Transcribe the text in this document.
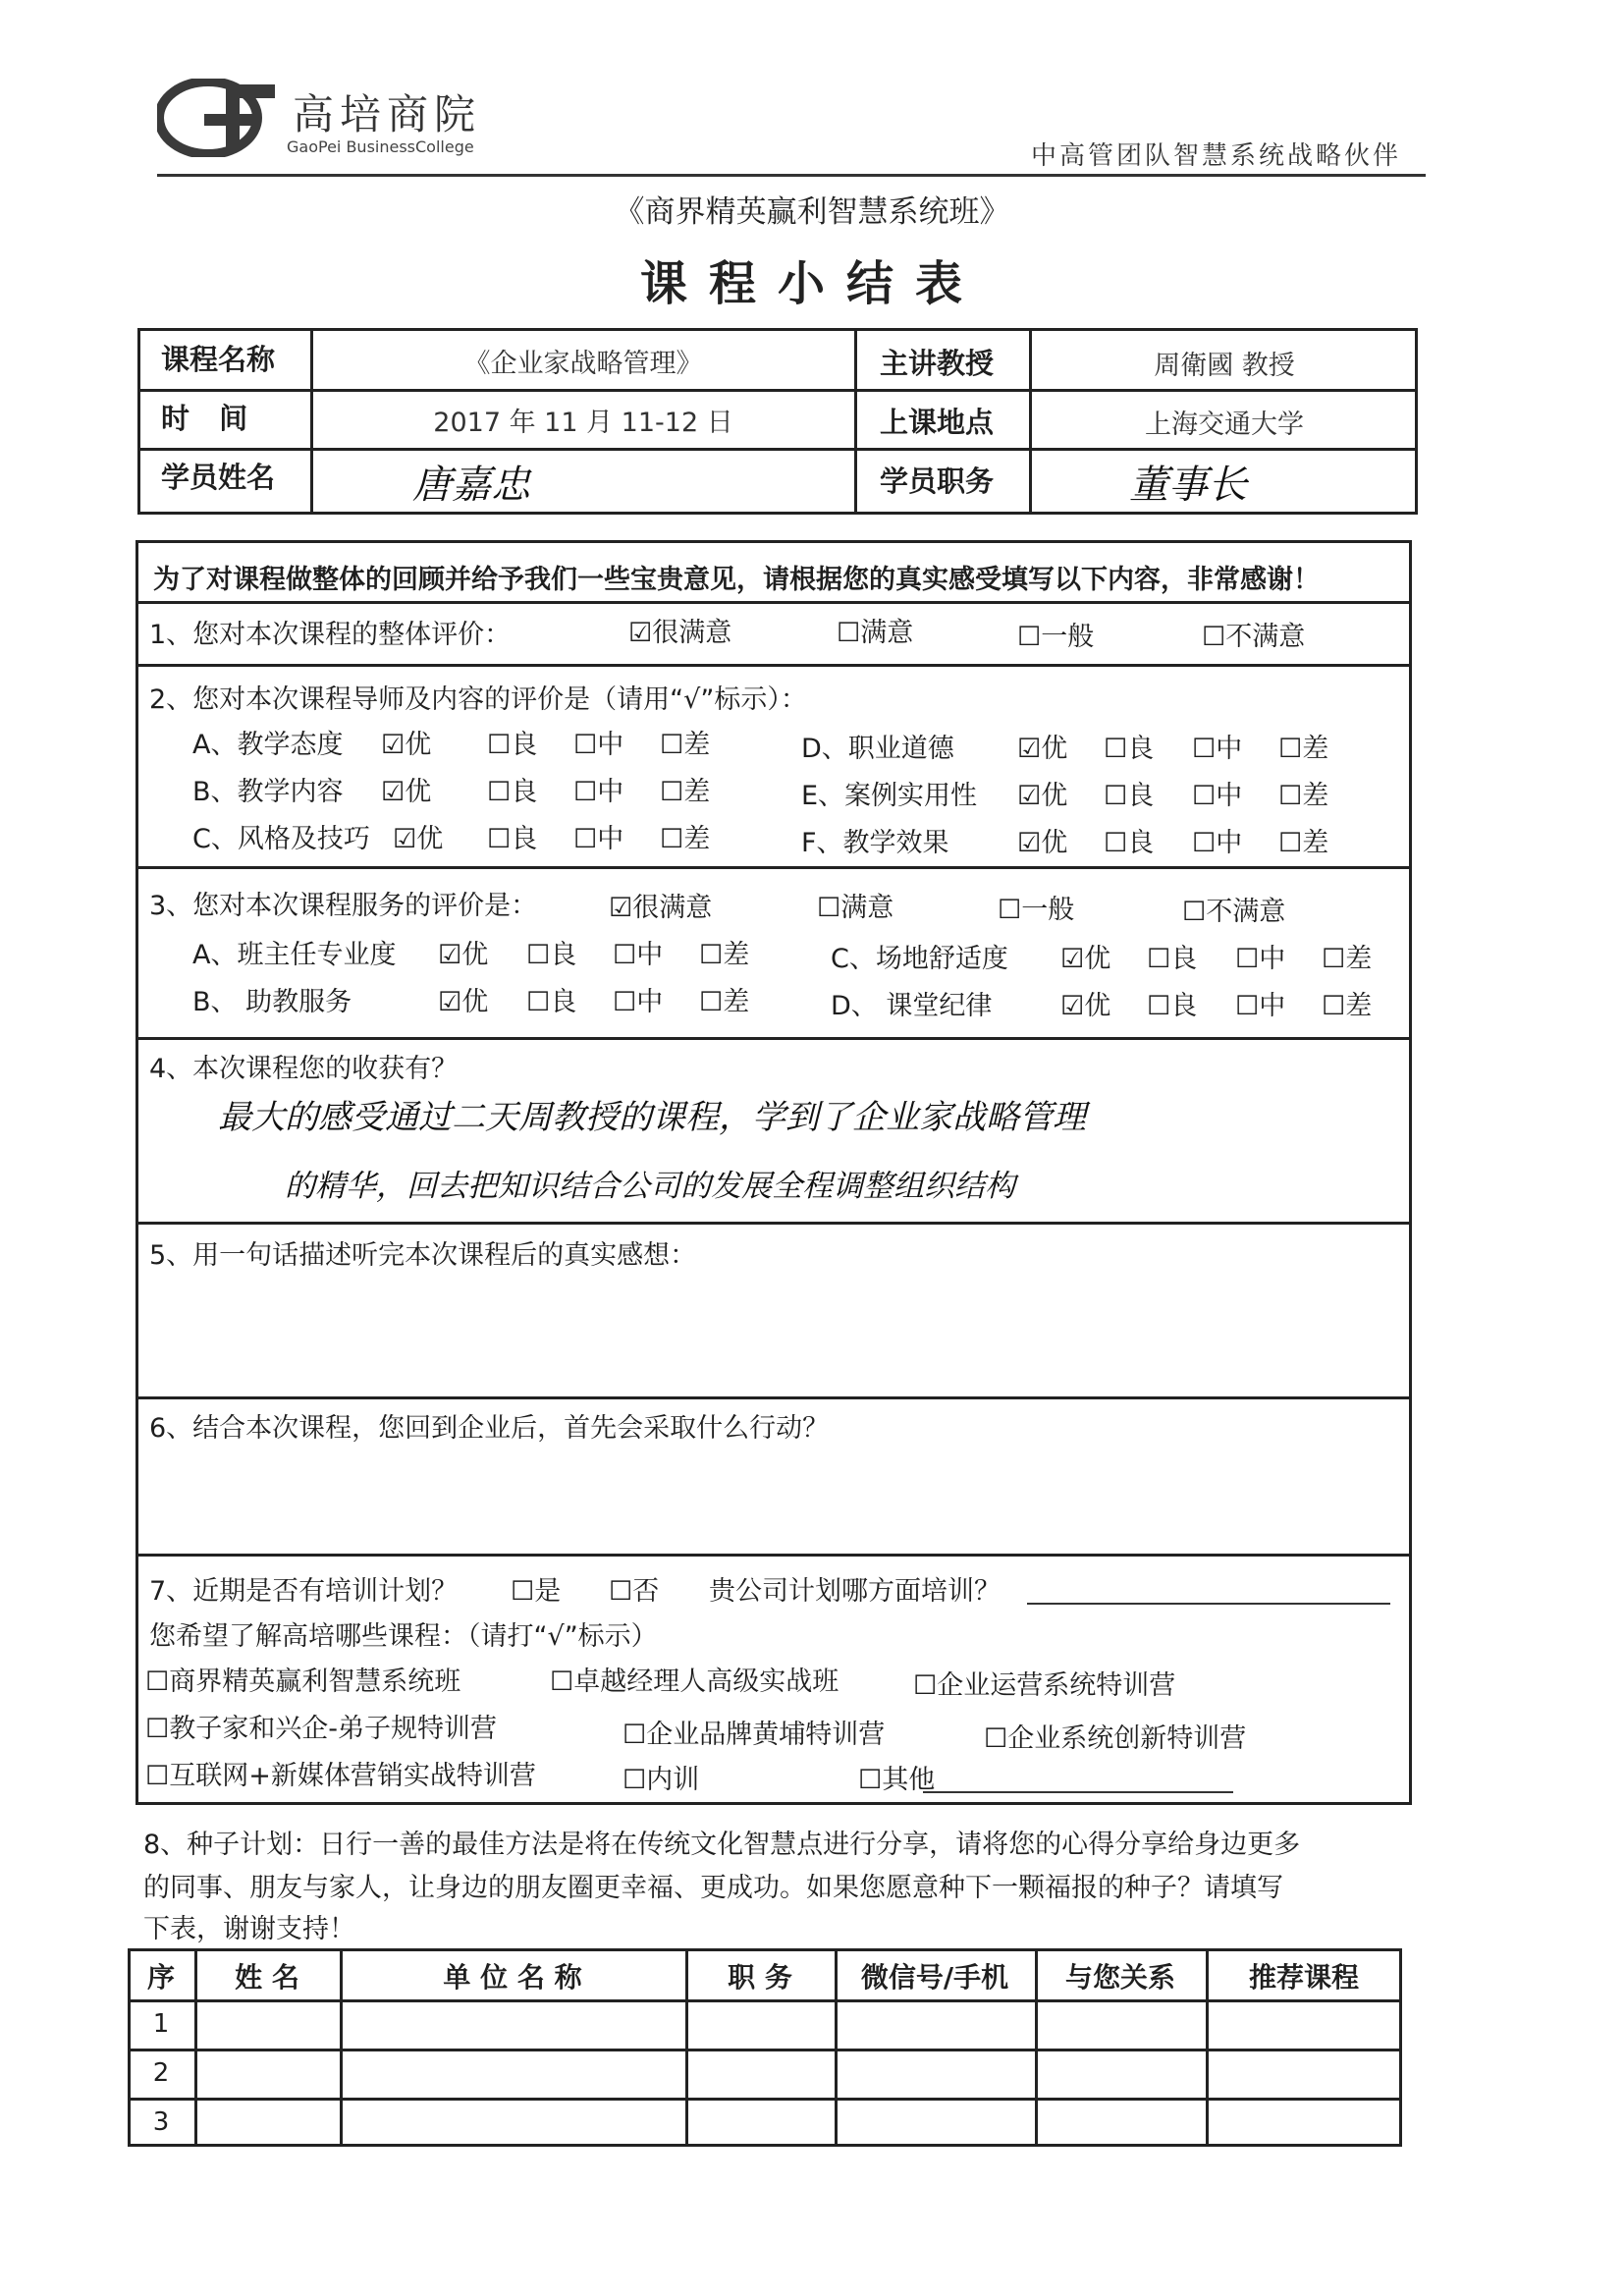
高培商院
GaoPei BusinessCollege	中高管团队智慧系统战略伙伴
《商界精英赢利智慧系统班》
课程小结表
课程名称	《企业家战略管理》	主讲教授	周衛國 教授
时 间	2017 年 11 月 11-12 日	上课地点	上海交通大学
学员姓名	唐嘉忠	学员职务	董事长
为了对课程做整体的回顾并给予我们一些宝贵意见，请根据您的真实感受填写以下内容，非常感谢！
1、您对本次课程的整体评价：
2、您对本次课程导师及内容的评价是（请用“√”标示）：
3、您对本次课程服务的评价是：
4、本次课程您的收获有？
最大的感受通过二天周教授的课程，学到了企业家战略管理
的精华，回去把知识结合公司的发展全程调整组织结构
5、用一句话描述听完本次课程后的真实感想：
6、结合本次课程，您回到企业后，首先会采取什么行动？
7、近期是否有培训计划？ ☐是 ☐否 贵公司计划哪方面培训？
您希望了解高培哪些课程：（请打“√”标示）
8、种子计划：日行一善的最佳方法是将在传统文化智慧点进行分享，请将您的心得分享给身边更多
的同事、朋友与家人，让身边的朋友圈更幸福、更成功。如果您愿意种下一颗福报的种子？请填写
下表，谢谢支持！
☑很满意	☐满意	☐一般	☐不满意
A、教学态度 ☑优 ☐良 ☐中 ☐差
B、教学内容 ☑优 ☐良 ☐中 ☐差
C、风格及技巧 ☑优 ☐良 ☐中 ☐差
D、职业道德 ☑优 ☐良 ☐中 ☐差
E、案例实用性 ☑优 ☐良 ☐中 ☐差
F、教学效果	☑优 ☐良 ☐中 ☐差
☑很满意	☐满意	☐一般	☐不满意
A、班主任专业度 ☑优 ☐良 ☐中 ☐差
B、 助教服务	☑优 ☐良 ☐中 ☐差
C、场地舒适度 ☑优 ☐良 ☐中 ☐差
D、 课堂纪律	☑优 ☐良 ☐中 ☐差
☐商界精英赢利智慧系统班	☐卓越经理人高级实战班	☐企业运营系统特训营
☐教子家和兴企-弟子规特训营	☐企业品牌黄埔特训营	☐企业系统创新特训营
☐互联网+新媒体营销实战特训营	☐内训	☐其他
序	姓 名	单 位 名 称	职 务	微信号/手机	与您关系	推荐课程
1
2
3
